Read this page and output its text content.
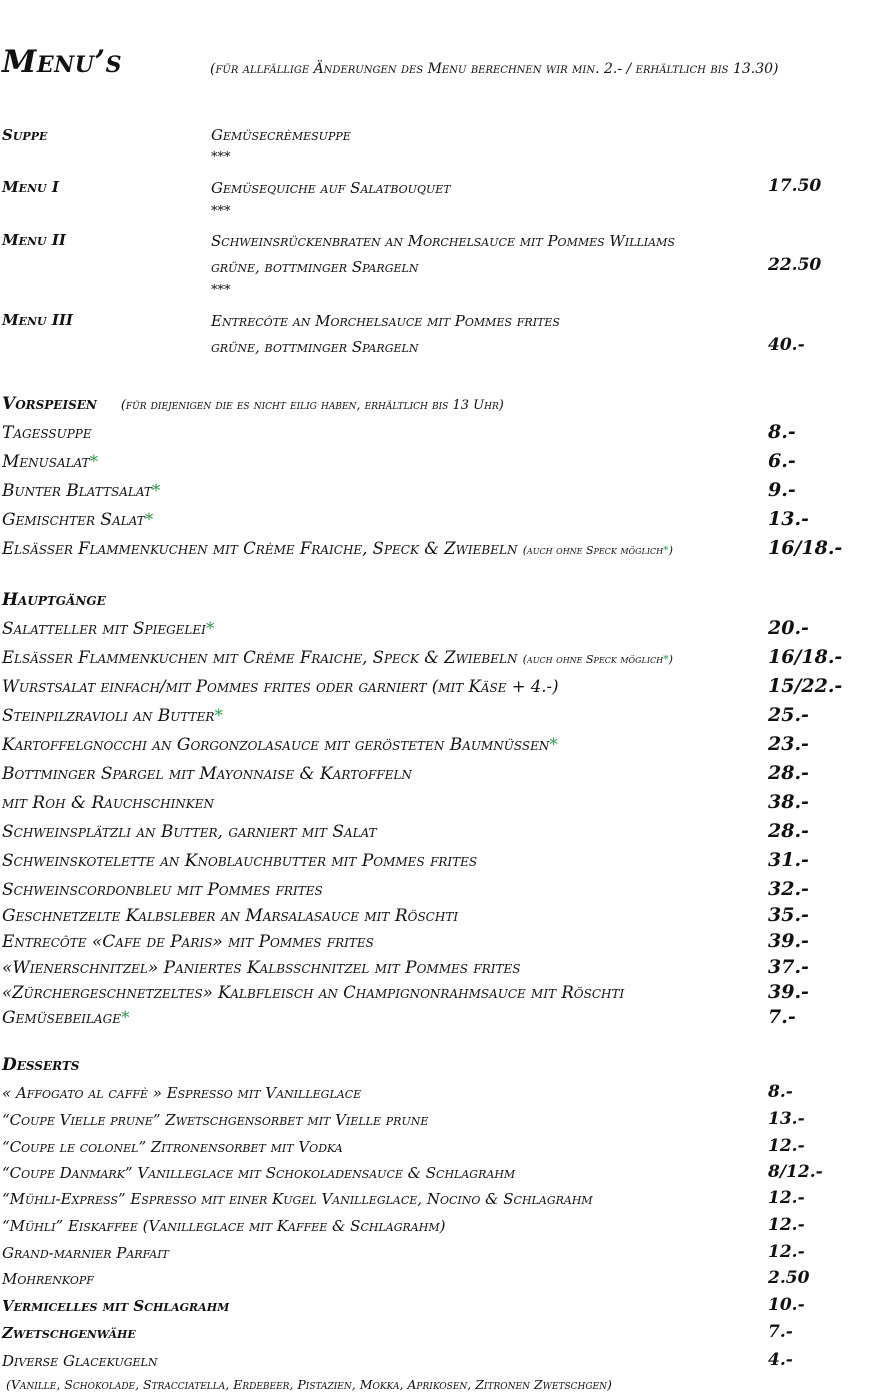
Menu’s	(für allfällige Änderungen des Menu berechnen wir min. 2.- / erhältlich bis 13.30)
Suppe	Gemüsecrèmesuppe
***
Menu I	Gemüsequiche auf Salatbouquet	17.50
***
Menu II	Schweinsrückenbraten an Morchelsauce mit Pommes Williams
grüne, bottminger Spargeln	22.50
***
Menu III	Entrecôte an Morchelsauce mit Pommes frites
grüne, bottminger Spargeln	40.-
Vorspeisen (für diejenigen die es nicht eilig haben, erhältlich bis 13 Uhr)
Tagessuppe	8.-
Menusalat*	6.-
Bunter Blattsalat*	9.-
Gemischter Salat*	13.-
Elsässer Flammenkuchen mit Crème Fraiche, Speck & Zwiebeln (auch ohne Speck möglich*)	16/18.-
Hauptgänge
Salatteller mit Spiegelei*	20.-
Elsässer Flammenkuchen mit Crème Fraiche, Speck & Zwiebeln (auch ohne Speck möglich*)	16/18.-
Wurstsalat einfach/mit Pommes frites oder garniert (mit Käse + 4.-)	15/22.-
Steinpilzravioli an Butter*	25.-
Kartoffelgnocchi an Gorgonzolasauce mit gerösteten Baumnüssen*	23.-
Bottminger Spargel mit Mayonnaise & Kartoffeln	28.-
mit Roh & Rauchschinken	38.-
Schweinsplätzli an Butter, garniert mit Salat	28.-
Schweinskotelette an Knoblauchbutter mit Pommes frites	31.-
Schweinscordonbleu mit Pommes frites	32.-
Geschnetzelte Kalbsleber an Marsalasauce mit Röschti	35.-
Entrecôte «Cafe de Paris» mit Pommes frites	39.-
«Wienerschnitzel» Paniertes Kalbsschnitzel mit Pommes frites	37.-
«Zürchergeschnetzeltes» Kalbfleisch an Champignonrahmsauce mit Röschti	39.-
Gemüsebeilage*	7.-
Desserts
« Affogato al caffè » Espresso mit Vanilleglace	8.-
“Coupe Vielle prune” Zwetschgensorbet mit Vielle prune	13.-
“Coupe le colonel” Zitronensorbet mit Vodka	12.-
“Coupe Danmark” Vanilleglace mit Schokoladensauce & Schlagrahm	8/12.-
“Mühli-Express” Espresso mit einer Kugel Vanilleglace, Nocino & Schlagrahm	12.-
“Mühli” Eiskaffee (Vanilleglace mit Kaffee & Schlagrahm)	12.-
Grand-marnier Parfait	12.-
Mohrenkopf	2.50
Vermicelles mit Schlagrahm	10.-
Zwetschgenwähe	7.-
Diverse Glacekugeln	4.-
(Vanille, Schokolade, Stracciatella, Erdebeer, Pistazien, Mokka, Aprikosen, Zitronen Zwetschgen)
